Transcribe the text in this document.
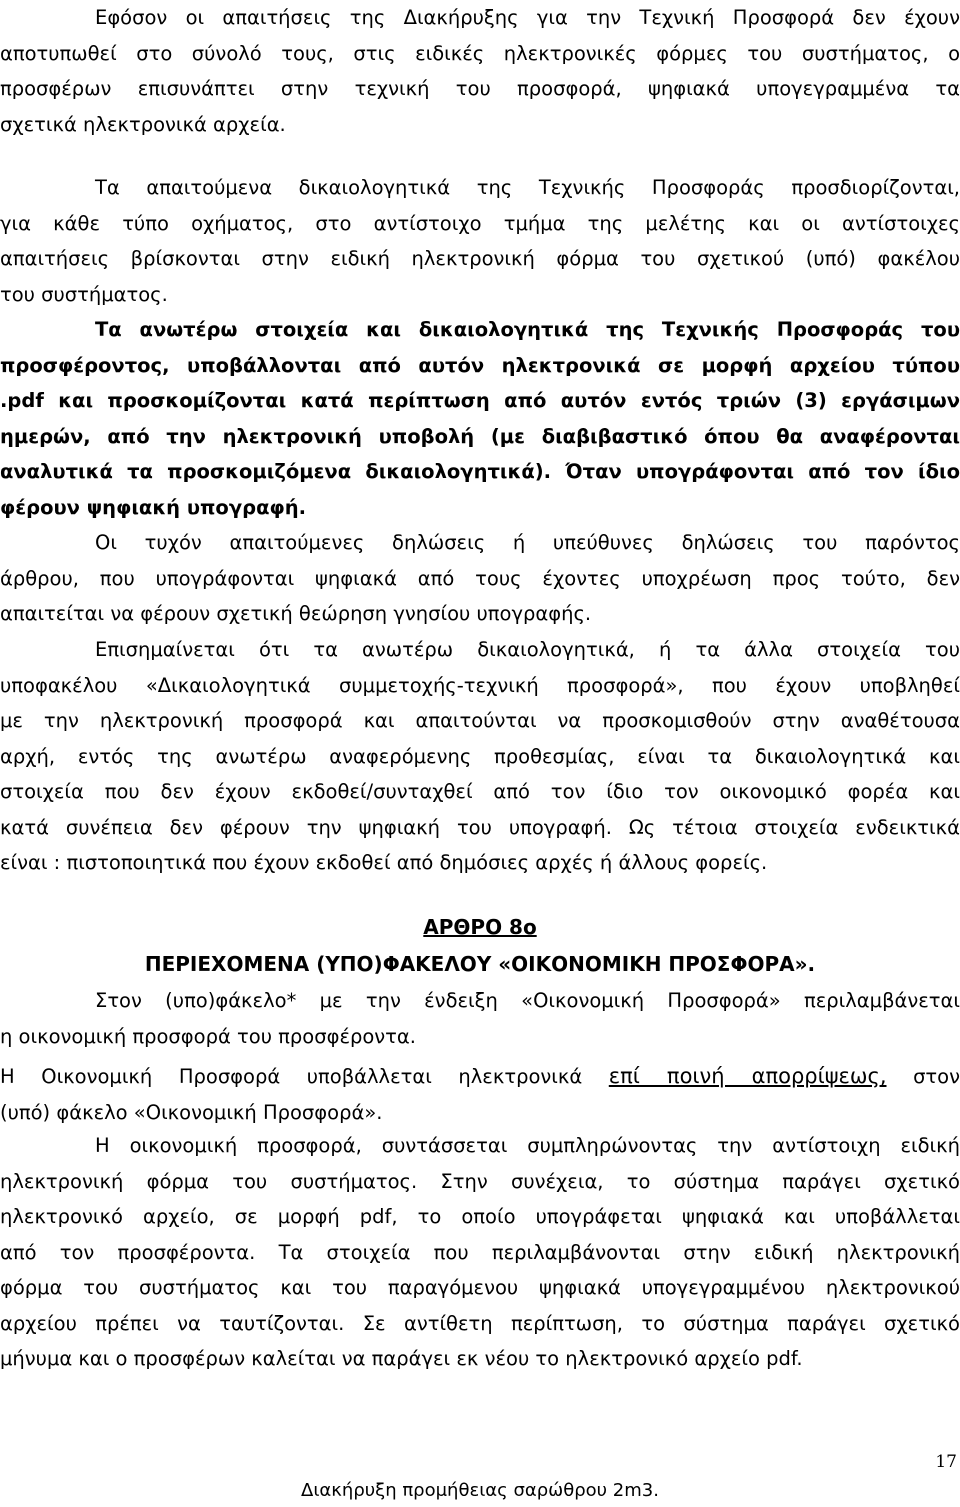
Εφόσον οι απαιτήσεις της Διακήρυξης για την Τεχνική Προσφορά δεν έχουν
αποτυπωθεί στο σύνολό τους, στις ειδικές ηλεκτρονικές φόρμες του συστήματος, ο
προσφέρων επισυνάπτει στην τεχνική του προσφορά, ψηφιακά υπογεγραμμένα τα
σχετικά ηλεκτρονικά αρχεία.
Τα απαιτούμενα δικαιολογητικά της Τεχνικής Προσφοράς προσδιορίζονται,
για κάθε τύπο οχήματος, στο αντίστοιχο τμήμα της μελέτης και οι αντίστοιχες
απαιτήσεις βρίσκονται στην ειδική ηλεκτρονική φόρμα του σχετικού (υπό) φακέλου
του συστήματος.
Τα ανωτέρω στοιχεία και δικαιολογητικά της Τεχνικής Προσφοράς του
προσφέροντος, υποβάλλονται από αυτόν ηλεκτρονικά σε μορφή αρχείου τύπου
.pdf και προσκομίζονται κατά περίπτωση από αυτόν εντός τριών (3) εργάσιμων
ημερών, από την ηλεκτρονική υποβολή (με διαβιβαστικό όπου θα αναφέρονται
αναλυτικά τα προσκομιζόμενα δικαιολογητικά). Όταν υπογράφονται από τον ίδιο
φέρουν ψηφιακή υπογραφή.
Οι τυχόν απαιτούμενες δηλώσεις ή υπεύθυνες δηλώσεις του παρόντος
άρθρου, που υπογράφονται ψηφιακά από τους έχοντες υποχρέωση προς τούτο, δεν
απαιτείται να φέρουν σχετική θεώρηση γνησίου υπογραφής.
Επισημαίνεται ότι τα ανωτέρω δικαιολογητικά, ή τα άλλα στοιχεία του
υποφακέλου «Δικαιολογητικά συμμετοχής-τεχνική προσφορά», που έχουν υποβληθεί
με την ηλεκτρονική προσφορά και απαιτούνται να προσκομισθούν στην αναθέτουσα
αρχή, εντός της ανωτέρω αναφερόμενης προθεσμίας, είναι τα δικαιολογητικά και
στοιχεία που δεν έχουν εκδοθεί/συνταχθεί από τον ίδιο τον οικονομικό φορέα και
κατά συνέπεια δεν φέρουν την ψηφιακή του υπογραφή. Ως τέτοια στοιχεία ενδεικτικά
είναι : πιστοποιητικά που έχουν εκδοθεί από δημόσιες αρχές ή άλλους φορείς.
ΑΡΘΡΟ 8ο
ΠΕΡΙΕΧΟΜΕΝΑ (ΥΠΟ)ΦΑΚΕΛΟΥ «ΟΙΚΟΝΟΜΙΚΗ ΠΡΟΣΦΟΡΑ».
Στον (υπο)φάκελο* με την ένδειξη «Οικονομική Προσφορά» περιλαμβάνεται
η οικονομική προσφορά του προσφέροντα.
Η Οικονομική Προσφορά υποβάλλεται ηλεκτρονικά επί ποινή απορρίψεως, στον
(υπό) φάκελο «Οικονομική Προσφορά».
Η οικονομική προσφορά, συντάσσεται συμπληρώνοντας την αντίστοιχη ειδική
ηλεκτρονική φόρμα του συστήματος. Στην συνέχεια, το σύστημα παράγει σχετικό
ηλεκτρονικό αρχείο, σε μορφή pdf, το οποίο υπογράφεται ψηφιακά και υποβάλλεται
από τον προσφέροντα. Τα στοιχεία που περιλαμβάνονται στην ειδική ηλεκτρονική
φόρμα του συστήματος και του παραγόμενου ψηφιακά υπογεγραμμένου ηλεκτρονικού
αρχείου πρέπει να ταυτίζονται. Σε αντίθετη περίπτωση, το σύστημα παράγει σχετικό
μήνυμα και ο προσφέρων καλείται να παράγει εκ νέου το ηλεκτρονικό αρχείο pdf.
17
Διακήρυξη προμήθειας σαρώθρου 2m3.
